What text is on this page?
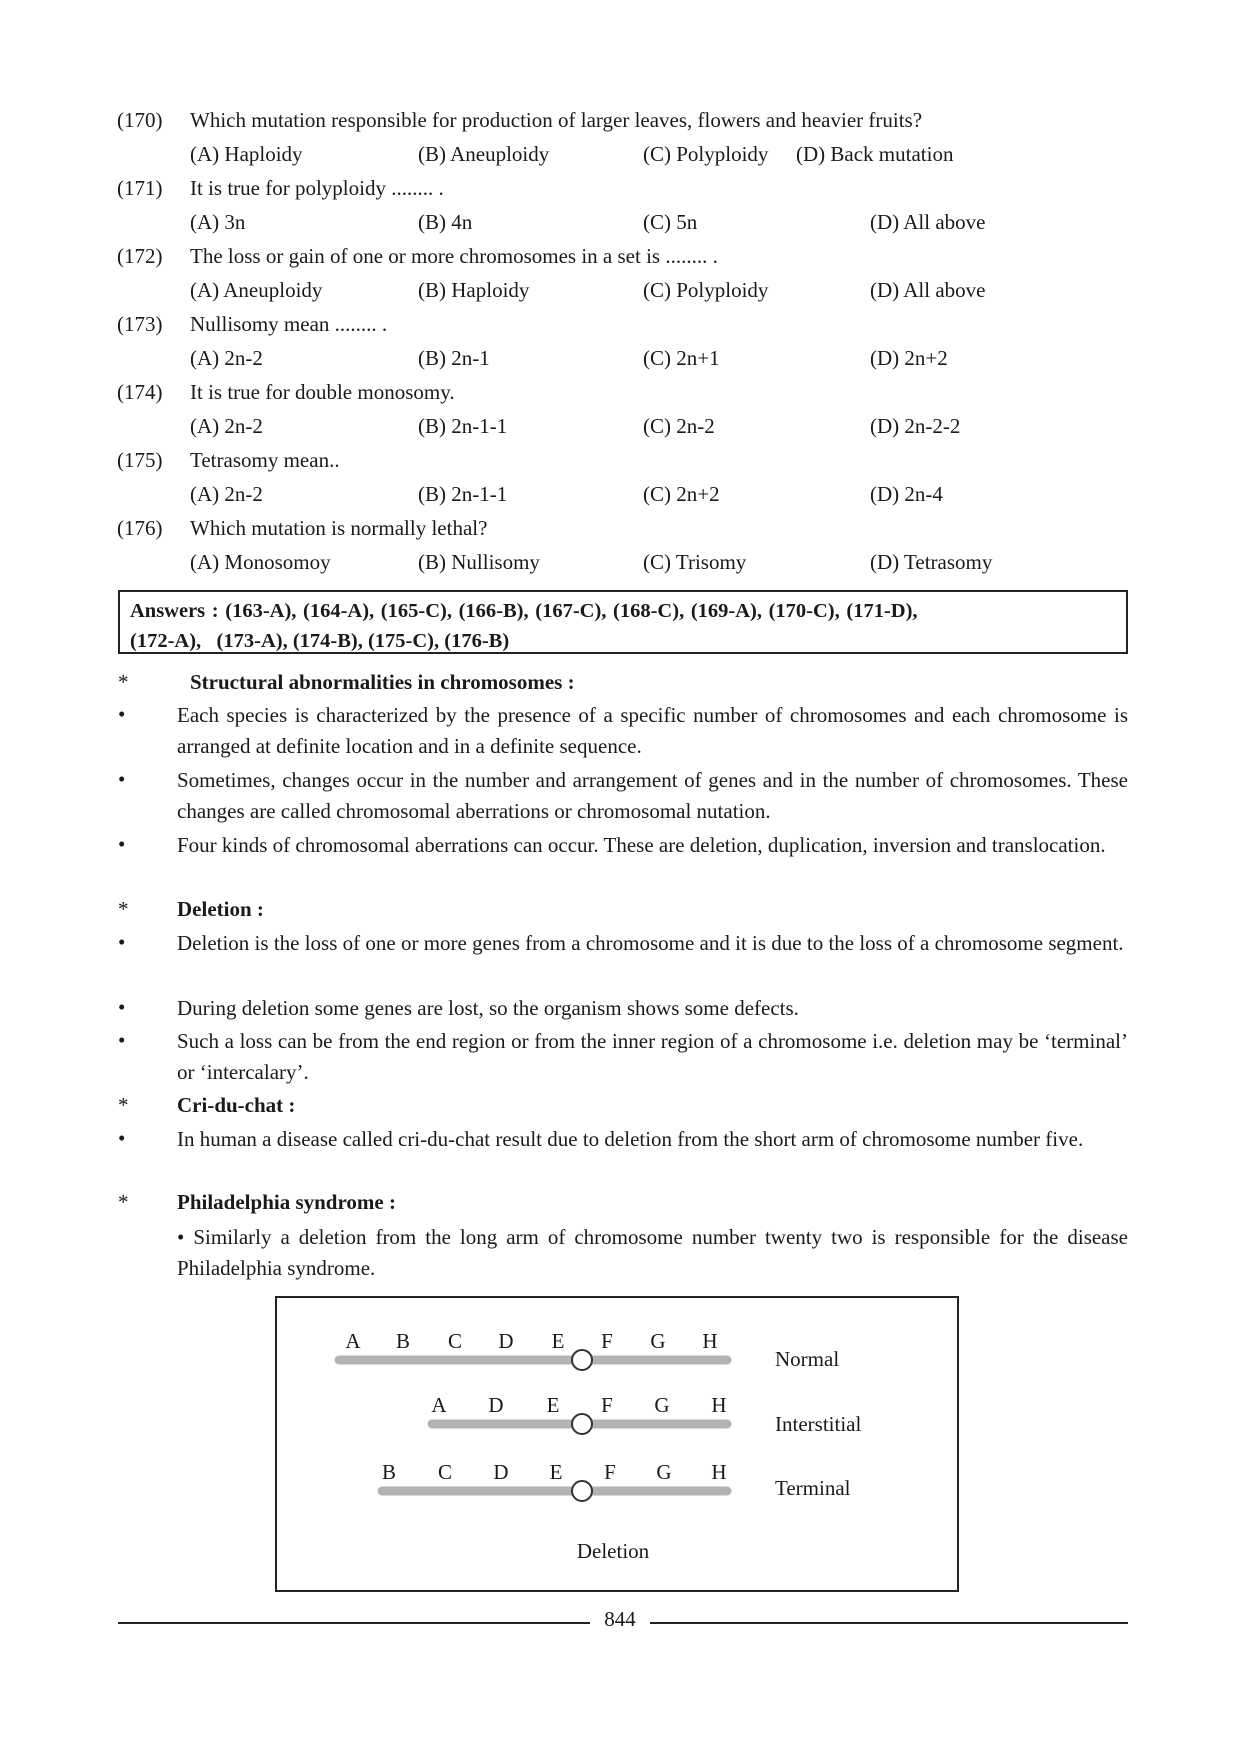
(170) Which mutation responsible for production of larger leaves, flowers and heavier fruits?
(A) Haploidy	(B) Aneuploidy	(C) Polyploidy (D) Back mutation
(171) It is true for polyploidy ........ .
(A) 3n	(B) 4n	(C) 5n	(D) All above
(172) The loss or gain of one or more chromosomes in a set is ........ .
(A) Aneuploidy	(B) Haploidy	(C) Polyploidy	(D) All above
(173) Nullisomy mean ........ .
(A) 2n-2	(B) 2n-1	(C) 2n+1	(D) 2n+2
(174) It is true for double monosomy.
(A) 2n-2	(B) 2n-1-1	(C) 2n-2	(D) 2n-2-2
(175) Tetrasomy mean..
(A) 2n-2	(B) 2n-1-1	(C) 2n+2	(D) 2n-4
(176) Which mutation is normally lethal?
(A) Monosomoy	(B) Nullisomy	(C) Trisomy	(D) Tetrasomy
Answers : (163-A), (164-A), (165-C), (166-B), (167-C), (168-C), (169-A), (170-C), (171-D),
(172-A),   (173-A), (174-B), (175-C), (176-B)
*	Structural abnormalities in chromosomes :
• Each species is characterized by the presence of a specific number of chromosomes and each chromosome is arranged at definite location and in a definite sequence.
• Sometimes, changes occur in the number and arrangement of genes and in the number of chromosomes. These changes are called chromosomal aberrations or chromosomal nutation.
• Four kinds of chromosomal aberrations can occur. These are deletion, duplication, inversion and translocation.
* Deletion :
• Deletion is the loss of one or more genes from a chromosome and it is due to the loss of a chromosome segment.
• During deletion some genes are lost, so the organism shows some defects.
• Such a loss can be from the end region or from the inner region of a chromosome i.e. deletion may be ‘terminal’ or ‘intercalary’.
* Cri-du-chat :
• In human a disease called cri-du-chat result due to deletion from the short arm of chromosome number five.
* Philadelphia syndrome :
• Similarly a deletion from the long arm of chromosome number twenty two is responsible for the disease Philadelphia syndrome.
A B C D E F G H
Normal
A D E F G H
Interstitial
B C D E F G H
Terminal
Deletion
844
